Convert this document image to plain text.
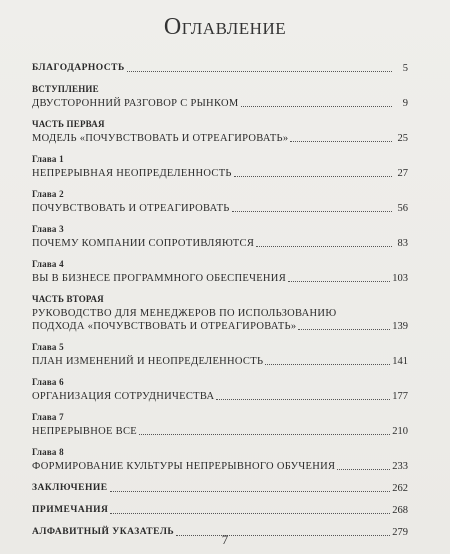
Оглавление
БЛАГОДАРНОСТЬ	5
ВСТУПЛЕНИЕ
ДВУСТОРОННИЙ РАЗГОВОР С РЫНКОМ	9
ЧАСТЬ ПЕРВАЯ
МОДЕЛЬ «ПОЧУВСТВОВАТЬ И ОТРЕАГИРОВАТЬ»	25
Глава 1
НЕПРЕРЫВНАЯ НЕОПРЕДЕЛЕННОСТЬ	27
Глава 2
ПОЧУВСТВОВАТЬ И ОТРЕАГИРОВАТЬ	56
Глава 3
ПОЧЕМУ КОМПАНИИ СОПРОТИВЛЯЮТСЯ	83
Глава 4
ВЫ В БИЗНЕСЕ ПРОГРАММНОГО ОБЕСПЕЧЕНИЯ	103
ЧАСТЬ ВТОРАЯ
РУКОВОДСТВО ДЛЯ МЕНЕДЖЕРОВ ПО ИСПОЛЬЗОВАНИЮ
ПОДХОДА «ПОЧУВСТВОВАТЬ И ОТРЕАГИРОВАТЬ»	139
Глава 5
ПЛАН ИЗМЕНЕНИЙ И НЕОПРЕДЕЛЕННОСТЬ	141
Глава 6
ОРГАНИЗАЦИЯ СОТРУДНИЧЕСТВА	177
Глава 7
НЕПРЕРЫВНОЕ ВСЕ	210
Глава 8
ФОРМИРОВАНИЕ КУЛЬТУРЫ НЕПРЕРЫВНОГО ОБУЧЕНИЯ	233
ЗАКЛЮЧЕНИЕ	262
ПРИМЕЧАНИЯ	268
АЛФАВИТНЫЙ УКАЗАТЕЛЬ	279
7
